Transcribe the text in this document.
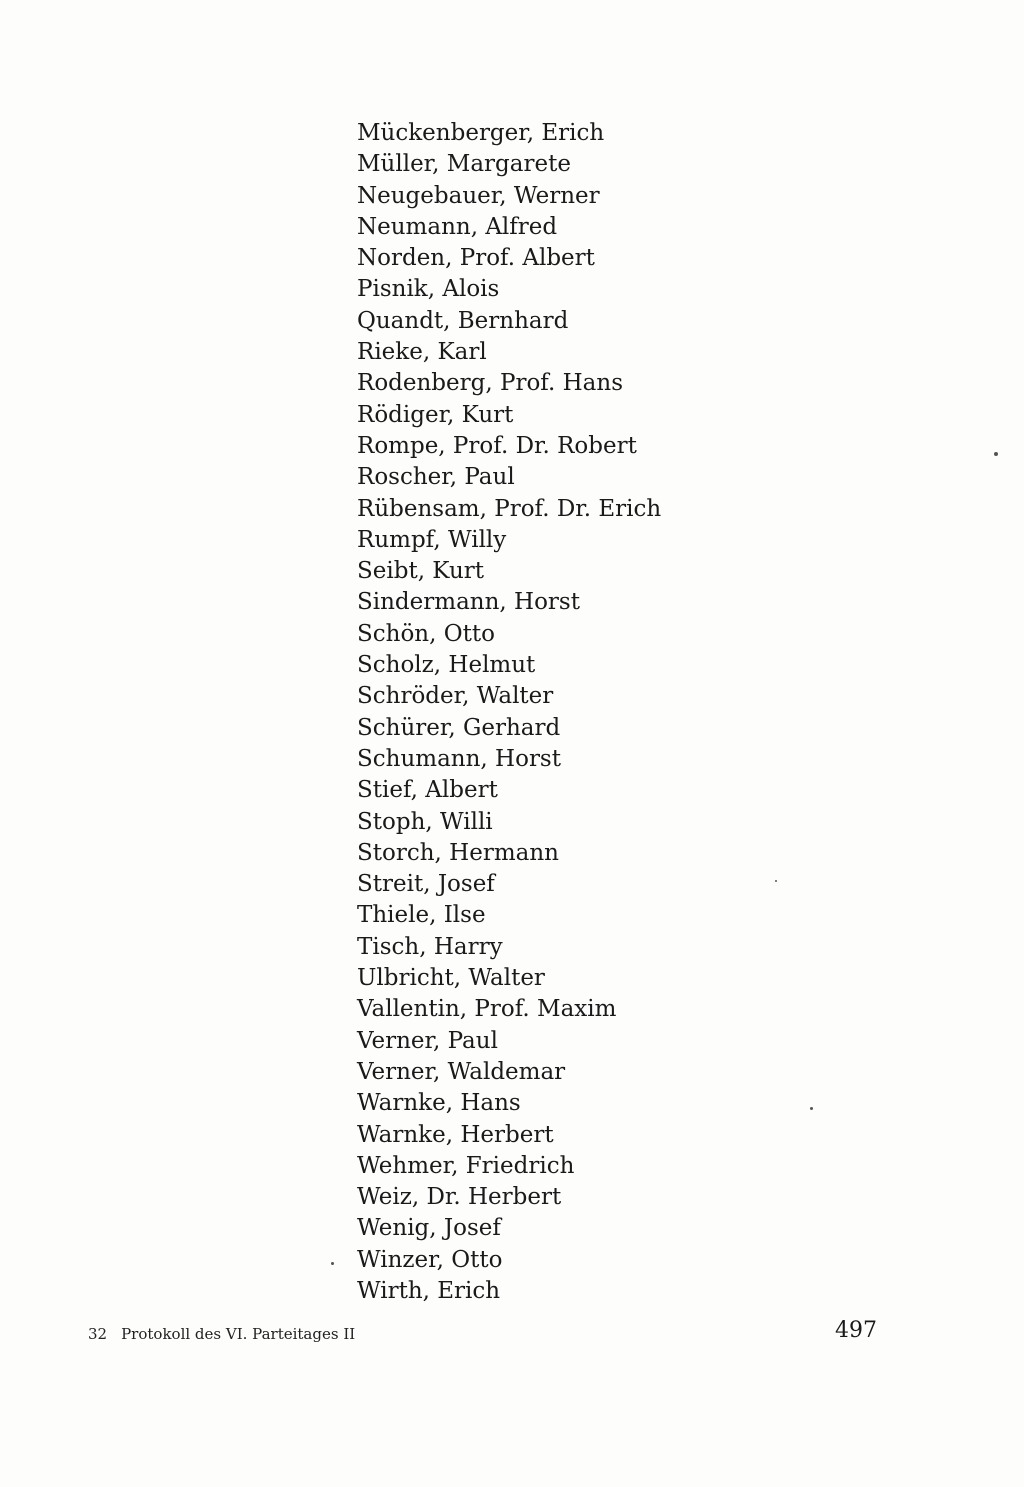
Mückenberger, Erich
Müller, Margarete
Neugebauer, Werner
Neumann, Alfred
Norden, Prof. Albert
Pisnik, Alois
Quandt, Bernhard
Rieke, Karl
Rodenberg, Prof. Hans
Rödiger, Kurt
Rompe, Prof. Dr. Robert
Roscher, Paul
Rübensam, Prof. Dr. Erich
Rumpf, Willy
Seibt, Kurt
Sindermann, Horst
Schön, Otto
Scholz, Helmut
Schröder, Walter
Schürer, Gerhard
Schumann, Horst
Stief, Albert
Stoph, Willi
Storch, Hermann
Streit, Josef
Thiele, Ilse
Tisch, Harry
Ulbricht, Walter
Vallentin, Prof. Maxim
Verner, Paul
Verner, Waldemar
Warnke, Hans
Warnke, Herbert
Wehmer, Friedrich
Weiz, Dr. Herbert
Wenig, Josef
Winzer, Otto
Wirth, Erich
32 Protokoll des VI. Parteitages II	497
